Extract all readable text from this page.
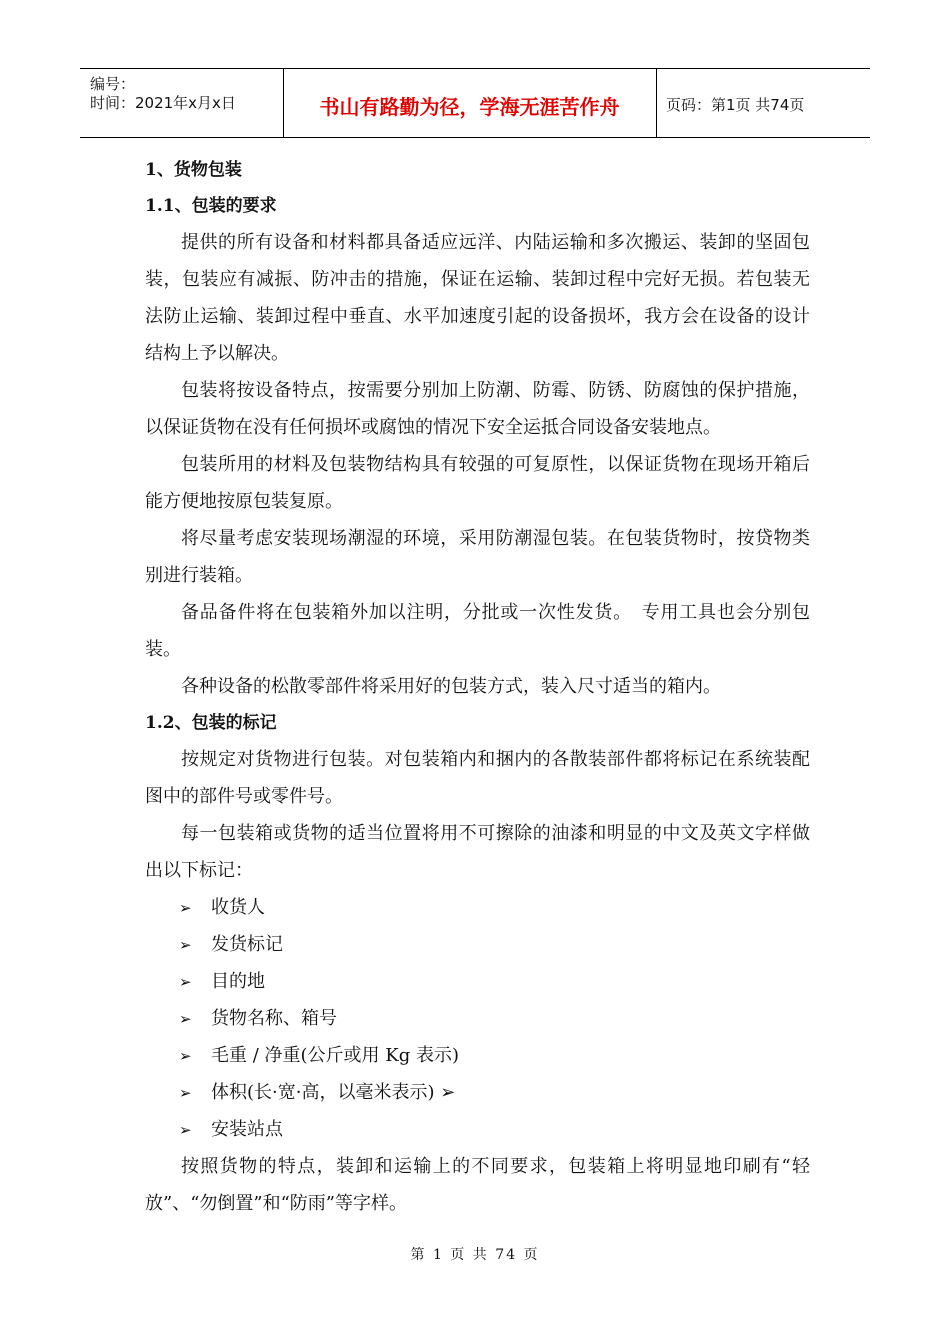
编号：
时间：2021年x月x日	书山有路勤为径，学海无涯苦作舟	页码：第1页 共74页
1、货物包装
1.1、包装的要求

提供的所有设备和材料都具备适应远洋、内陆运输和多次搬运、装卸的坚固包装，包装应有减振、防冲击的措施，保证在运输、装卸过程中完好无损。若包装无法防止运输、装卸过程中垂直、水平加速度引起的设备损坏，我方会在设备的设计结构上予以解决。

包装将按设备特点，按需要分别加上防潮、防霉、防锈、防腐蚀的保护措施，以保证货物在没有任何损坏或腐蚀的情况下安全运抵合同设备安装地点。

包装所用的材料及包装物结构具有较强的可复原性，以保证货物在现场开箱后能方便地按原包装复原。

将尽量考虑安装现场潮湿的环境，采用防潮湿包装。在包装货物时，按贷物类别进行装箱。

备品备件将在包装箱外加以注明，分批或一次性发货。　专用工具也会分别包装。

各种设备的松散零部件将采用好的包装方式，装入尺寸适当的箱内。

1.2、包装的标记

按规定对货物进行包装。对包装箱内和捆内的各散装部件都将标记在系统装配图中的部件号或零件号。

每一包装箱或货物的适当位置将用不可擦除的油漆和明显的中文及英文字样做出以下标记：

➢ 收货人
➢ 发货标记
➢ 目的地
➢ 货物名称、箱号
➢ 毛重 / 净重(公斤或用 Kg 表示)
➢ 体积(长·宽·高，以毫米表示) ➢
➢ 安装站点

按照货物的特点，装卸和运输上的不同要求，包装箱上将明显地印刷有“轻放”、“勿倒置”和“防雨”等字样。

第 1 页 共 74 页
